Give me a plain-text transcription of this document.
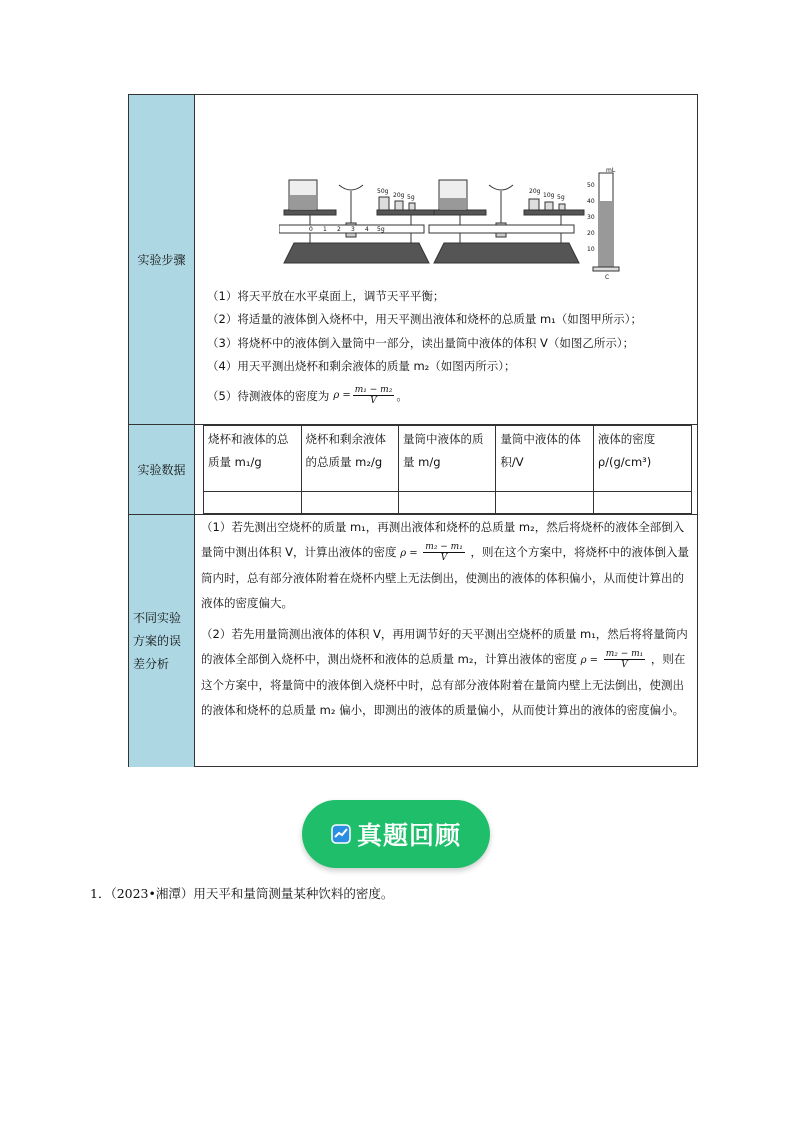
实验步骤
50g
20g 5g
0 1 2 3 4 5g
20g
10g 5g
mL
50
40
30
20
10
C
（1）将天平放在水平桌面上，调节天平平衡；
（2）将适量的液体倒入烧杯中，用天平测出液体和烧杯的总质量 m₁（如图甲所示）；
（3）将烧杯中的液体倒入量筒中一部分，读出量筒中液体的体积 V（如图乙所示）；
（4）用天平测出烧杯和剩余液体的质量 m₂（如图丙所示）；
（5）待测液体的密度为 $\rho = \frac{\text{m₁ − m₂}}{V}$ 。
实验数据
烧杯和液体的总质量 m₁/g	烧杯和剩余液体的总质量 m₂/g	量筒中液体的质量 m/g	量筒中液体的体积/V	液体的密度 ρ/(g/cm³)

不同实验方案的误差分析
（1）若先测出空烧杯的质量 m₁，再测出液体和烧杯的总质量 m₂，然后将烧杯的液体全部倒入量筒中测出体积 V，计算出液体的密度 $\rho = \frac{\text{m₂ − m₁}}{V}$ ，则在这个方案中，将烧杯中的液体倒入量筒内时，总有部分液体附着在烧杯内壁上无法倒出，使测出的液体的体积偏小，从而使计算出的液体的密度偏大。
（2）若先用量筒测出液体的体积 V，再用调节好的天平测出空烧杯的质量 m₁，然后将将量筒内的液体全部倒入烧杯中，测出烧杯和液体的总质量 m₂，计算出液体的密度 $\rho = \frac{\text{m₂ − m₁}}{V}$ ，则在这个方案中，将量筒中的液体倒入烧杯中时，总有部分液体附着在量筒内壁上无法倒出，使测出的液体和烧杯的总质量 m₂ 偏小，即测出的液体的质量偏小，从而使计算出的液体的密度偏小。
真题回顾
1．（2023•湘潭）用天平和量筒测量某种饮料的密度。
